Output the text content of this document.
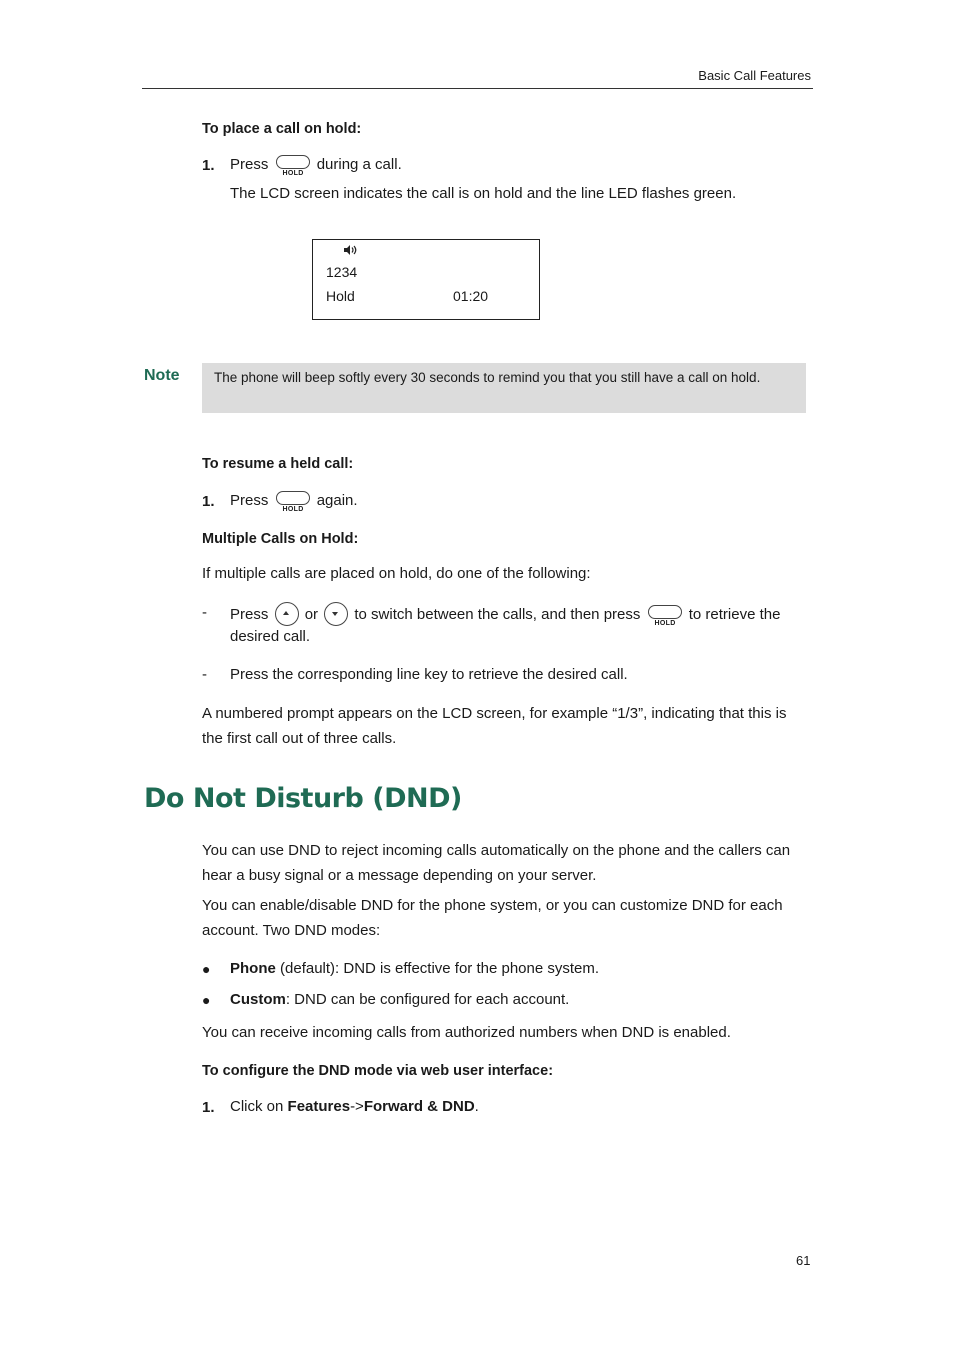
Basic Call Features
To place a call on hold:
1. Press
HOLD
during a call.
The LCD screen indicates the call is on hold and the line LED flashes green.
1234
Hold	01:20
Note	The phone will beep softly every 30 seconds to remind you that you still have a call on hold.
To resume a held call:
1. Press
HOLD
again.
Multiple Calls on Hold:
If multiple calls are placed on hold, do one of the following:
- Press or to switch between the calls, and then press
HOLD
to retrieve the
desired call.
- Press the corresponding line key to retrieve the desired call.
A numbered prompt appears on the LCD screen, for example “1/3”, indicating that this is the first call out of three calls.
Do Not Disturb (DND)
You can use DND to reject incoming calls automatically on the phone and the callers can hear a busy signal or a message depending on your server.
You can enable/disable DND for the phone system, or you can customize DND for each account. Two DND modes:
● Phone (default): DND is effective for the phone system.
● Custom: DND can be configured for each account.
You can receive incoming calls from authorized numbers when DND is enabled.
To configure the DND mode via web user interface:
1. Click on Features->Forward & DND.
61
